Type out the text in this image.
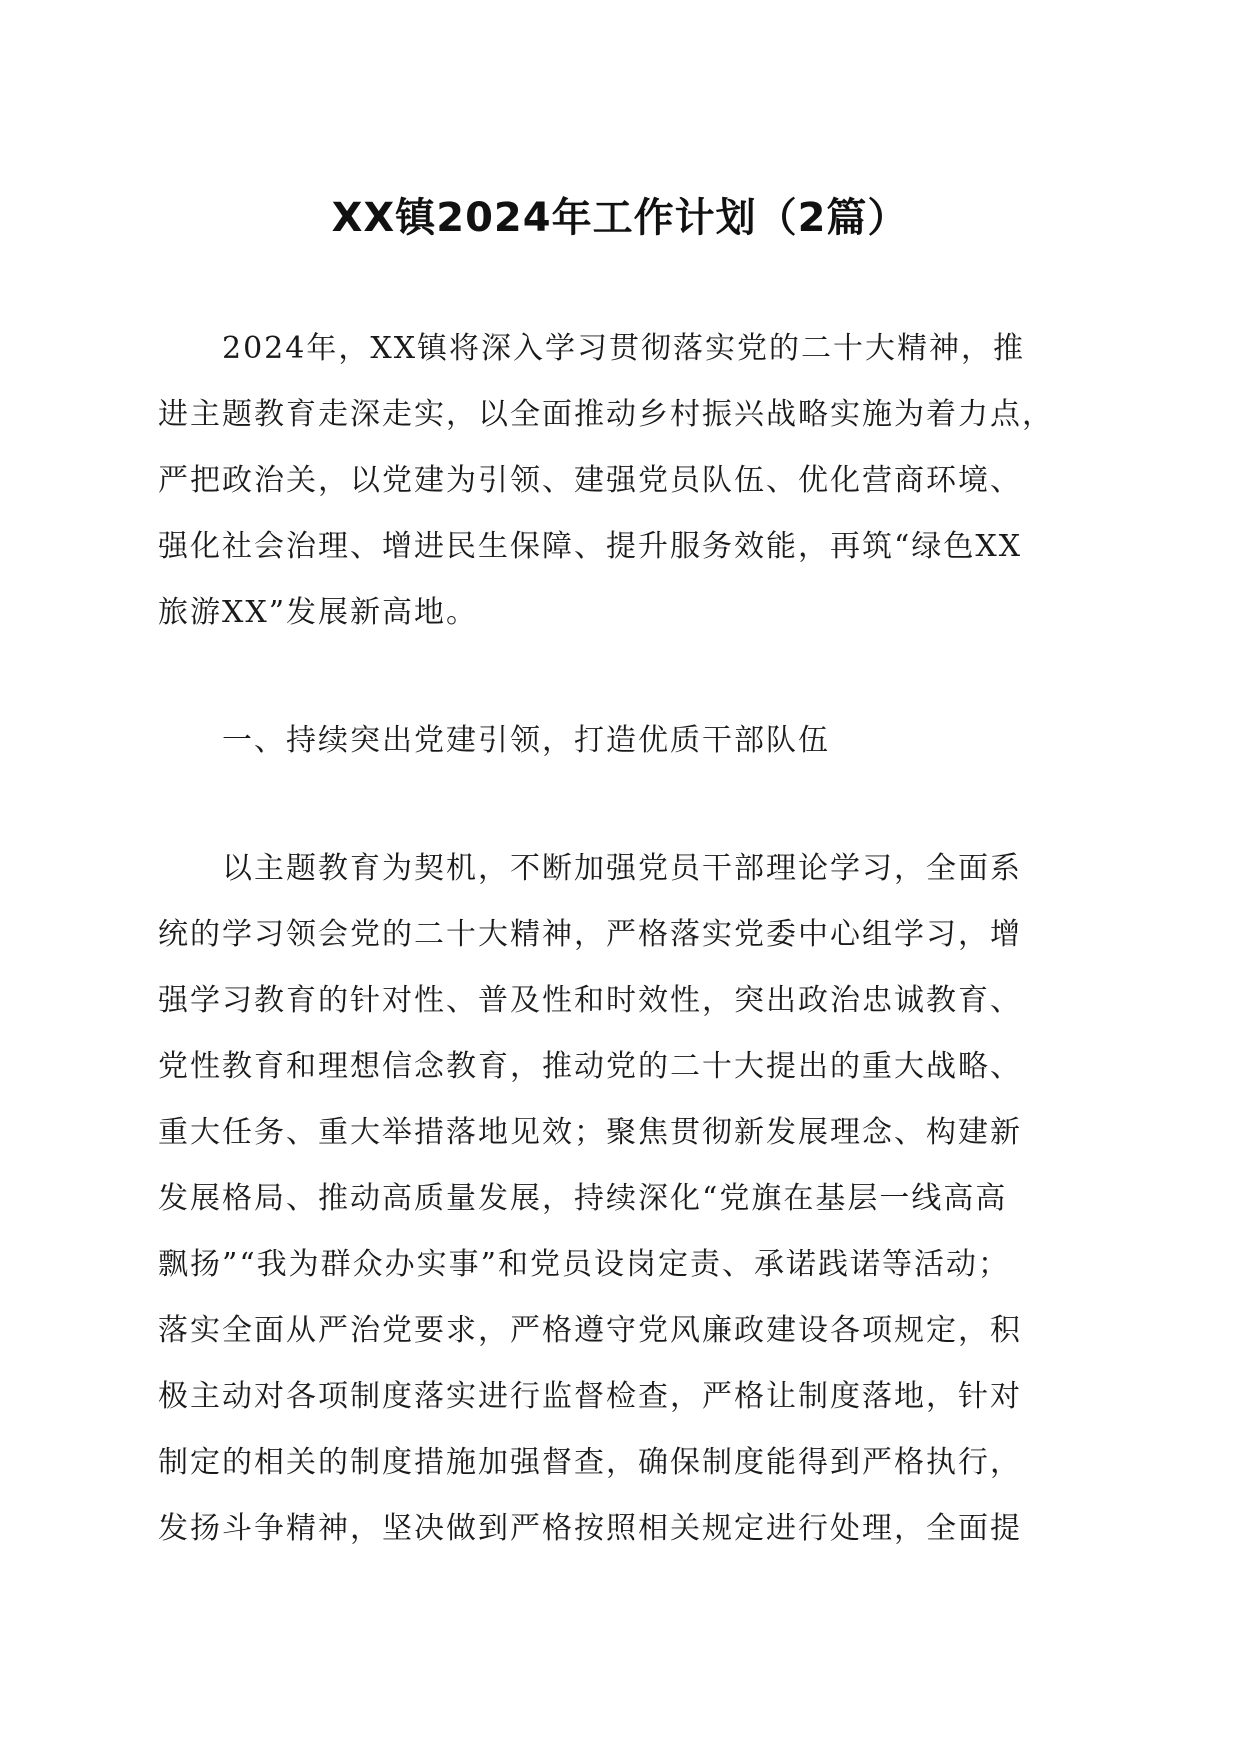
XX镇2024年工作计划（2篇）
　　2024年，XX镇将深入学习贯彻落实党的二十大精神，推
进主题教育走深走实，以全面推动乡村振兴战略实施为着力点，
严把政治关，以党建为引领、建强党员队伍、优化营商环境、
强化社会治理、增进民生保障、提升服务效能，再筑“绿色XX
旅游XX”发展新高地。
　　一、持续突出党建引领，打造优质干部队伍
　　以主题教育为契机，不断加强党员干部理论学习，全面系
统的学习领会党的二十大精神，严格落实党委中心组学习，增
强学习教育的针对性、普及性和时效性，突出政治忠诚教育、
党性教育和理想信念教育，推动党的二十大提出的重大战略、
重大任务、重大举措落地见效；聚焦贯彻新发展理念、构建新
发展格局、推动高质量发展，持续深化“党旗在基层一线高高
飘扬”“我为群众办实事”和党员设岗定责、承诺践诺等活动；
落实全面从严治党要求，严格遵守党风廉政建设各项规定，积
极主动对各项制度落实进行监督检查，严格让制度落地，针对
制定的相关的制度措施加强督查，确保制度能得到严格执行，
发扬斗争精神，坚决做到严格按照相关规定进行处理，全面提
